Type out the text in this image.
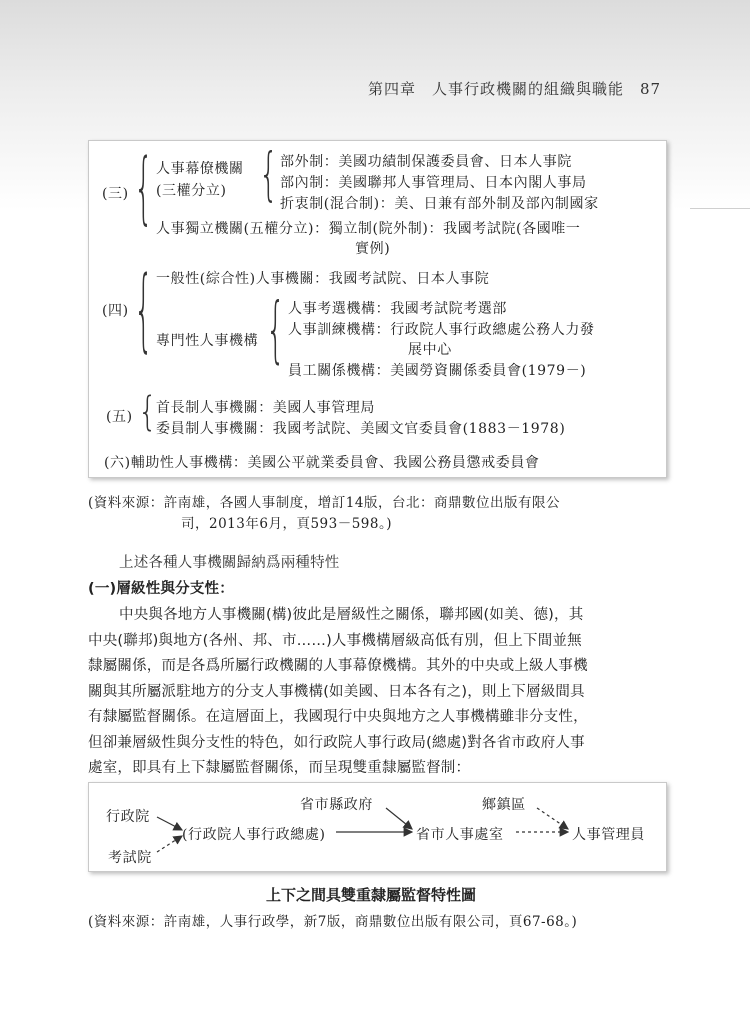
第四章　人事行政機關的組織與職能　87
(三) { 人事幕僚機關
(三權分立) { 部外制：美國功績制保護委員會、日本人事院
部內制：美國聯邦人事管理局、日本內閣人事局
折衷制(混合制)：美、日兼有部外制及部內制國家
人事獨立機關(五權分立)：獨立制(院外制)：我國考試院(各國唯一
實例)
(四) { 一般性(綜合性)人事機關：我國考試院、日本人事院
專門性人事機構 { 人事考選機構：我國考試院考選部
人事訓練機構：行政院人事行政總處公務人力發
展中心
員工關係機構：美國勞資關係委員會(1979－)
(五) {
首長制人事機關：美國人事管理局
委員制人事機關：我國考試院、美國文官委員會(1883－1978)
(六)輔助性人事機構：美國公平就業委員會、我國公務員懲戒委員會
(資料來源：許南雄，各國人事制度，增訂14版，台北：商鼎數位出版有限公
司，2013年6月，頁593－598。)
上述各種人事機關歸納爲兩種特性
(一)層級性與分支性：
中央與各地方人事機關(構)彼此是層級性之關係，聯邦國(如美、德)，其
中央(聯邦)與地方(各州、邦、市……)人事機構層級高低有別，但上下間並無
隸屬關係，而是各爲所屬行政機關的人事幕僚機構。其外的中央或上級人事機
關與其所屬派駐地方的分支人事機構(如美國、日本各有之)，則上下層級間具
有隸屬監督關係。在這層面上，我國現行中央與地方之人事機構雖非分支性，
但卻兼層級性與分支性的特色，如行政院人事行政局(總處)對各省市政府人事
處室，即具有上下隸屬監督關係，而呈現雙重隸屬監督制：
行政院
考試院
(行政院人事行政總處)
省市縣政府
省市人事處室
鄉鎮區
人事管理員
上下之間具雙重隸屬監督特性圖
(資料來源：許南雄，人事行政學，新7版，商鼎數位出版有限公司，頁67-68。)
